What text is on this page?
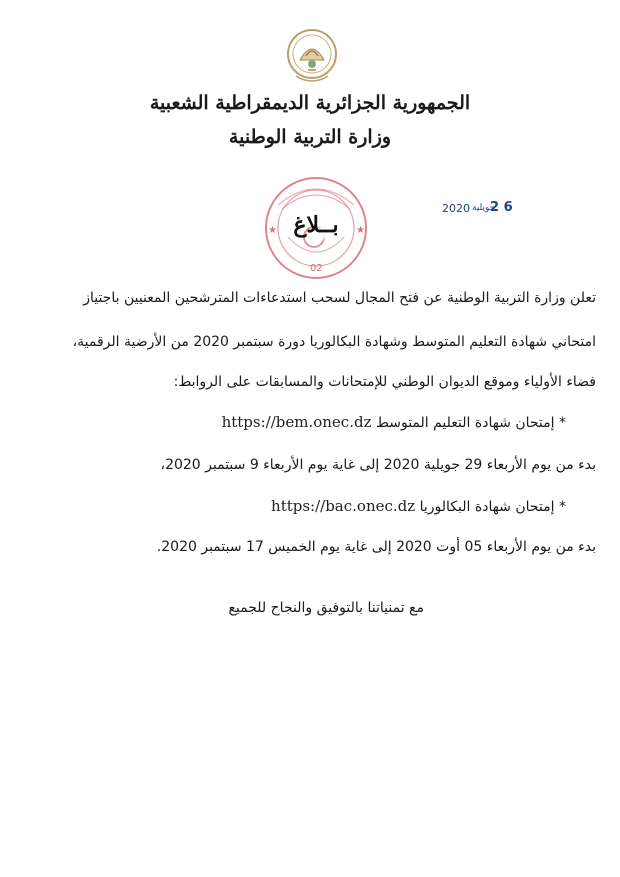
الجمهورية الجزائرية الديمقراطية الشعبية
وزارة التربية الوطنية
2020 جويلية
2 6
★	★
02
بــلاغ
تعلن وزارة التربية الوطنية عن فتح المجال لسحب استدعاءات المترشحين المعنيين باجتياز
امتحاني شهادة التعليم المتوسط وشهادة البكالوريا دورة سبتمبر 2020 من الأرضية الرقمية،
فضاء الأولياء وموقع الديوان الوطني للإمتحانات والمسابقات على الروابط:
* إمتحان شهادة التعليم المتوسط https://bem.onec.dz
بدء من يوم الأربعاء 29 جويلية 2020 إلى غاية يوم الأربعاء 9 سبتمبر 2020،
* إمتحان شهادة البكالوريا https://bac.onec.dz
بدء من يوم الأربعاء 05 أوت 2020 إلى غاية يوم الخميس 17 سبتمبر 2020.
مع تمنياتنا بالتوفيق والنجاح للجميع
